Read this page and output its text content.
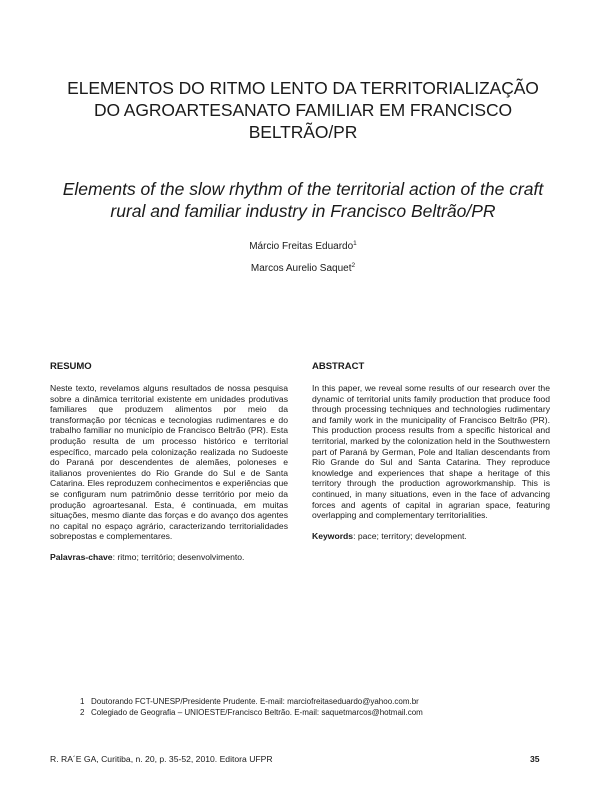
ELEMENTOS DO RITMO LENTO DA TERRITORIALIZAÇÃO
DO AGROARTESANATO FAMILIAR EM FRANCISCO
BELTRÃO/PR
Elements of the slow rhythm of the territorial action of the craft
rural and familiar industry in Francisco Beltrão/PR
Márcio Freitas Eduardo$^1$
Marcos Aurelio Saquet$^2$
RESUMO

Neste texto, revelamos alguns resultados de nossa pesquisa sobre a dinâmica territorial existente em unidades produtivas familiares que produzem alimentos por meio da transformação por técnicas e tecnologias rudimentares e do trabalho familiar no município de Francisco Beltrão (PR). Esta produção resulta de um processo histórico e territorial específico, marcado pela colonização realizada no Sudoeste do Paraná por descendentes de alemães, poloneses e italianos provenientes do Rio Grande do Sul e de Santa Catarina. Eles reproduzem conhecimentos e experiências que se configuram num patrimônio desse território por meio da produção agroartesanal. Esta, é continuada, em muitas situações, mesmo diante das forças e do avanço dos agentes no capital no espaço agrário, caracterizando territorialidades sobrepostas e complementares.

Palavras-chave: ritmo; território; desenvolvimento.

ABSTRACT

In this paper, we reveal some results of our research over the dynamic of territorial units family production that produce food through processing techniques and technologies rudimentary and family work in the municipality of Francisco Beltrão (PR). This production process results from a specific historical and territorial, marked by the colonization held in the Southwestern part of Paraná by German, Pole and Italian descendants from Rio Grande do Sul and Santa Catarina. They reproduce knowledge and experiences that shape a heritage of this territory through the production agroworkmanship. This is continued, in many situations, even in the face of advancing forces and agents of capital in agrarian space, featuring overlapping and complementary territorialities.

Keywords: pace; territory; development.

1 Doutorando FCT-UNESP/Presidente Prudente. E-mail: marciofreitaseduardo@yahoo.com.br
2 Colegiado de Geografia – UNIOESTE/Francisco Beltrão. E-mail: saquetmarcos@hotmail.com
R. RA´E GA, Curitiba, n. 20, p. 35-52, 2010. Editora UFPR	35
